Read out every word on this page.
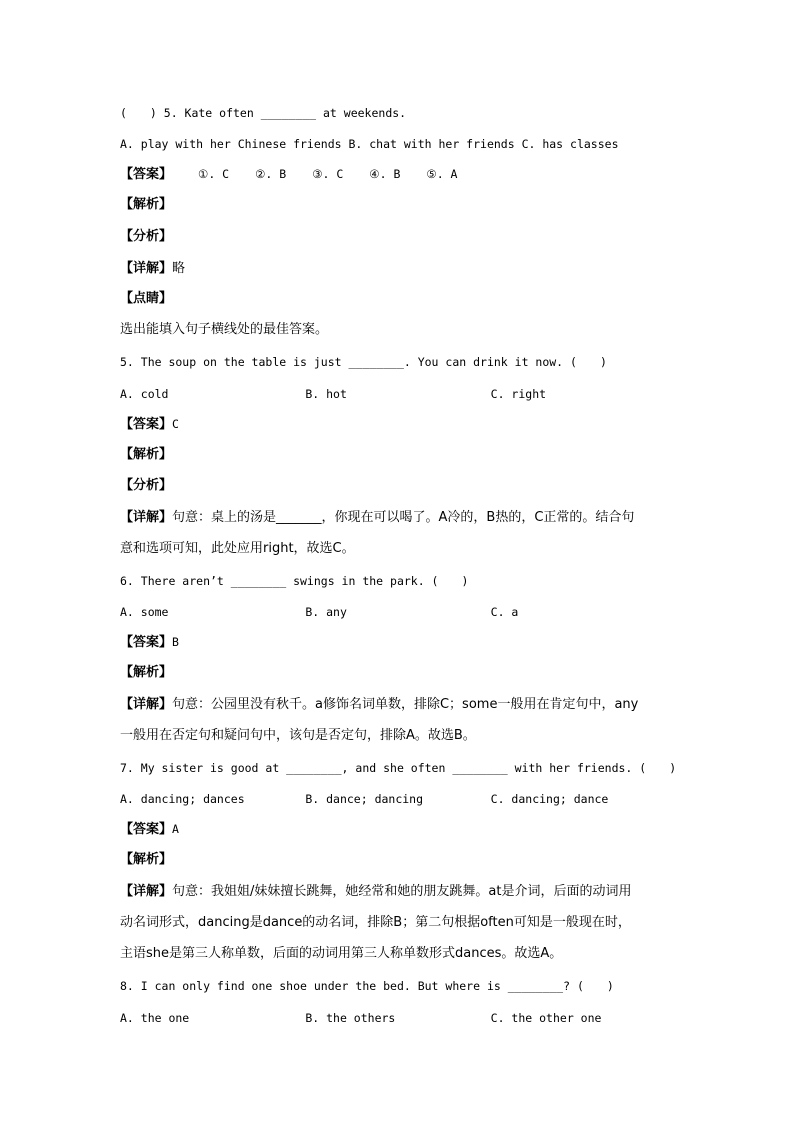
(　　) 5. Kate often ________ at weekends.
A. play with her Chinese friends B. chat with her friends C. has classes
【答案】 ①. C ②. B ③. C ④. B ⑤. A
【解析】
【分析】
【详解】略
【点睛】
选出能填入句子横线处的最佳答案。
5. The soup on the table is just ________. You can drink it now. (　　)
A. cold	B. hot	C. right
【答案】C
【解析】
【分析】
【详解】句意：桌上的汤是_______，你现在可以喝了。A冷的，B热的，C正常的。结合句
意和选项可知，此处应用right，故选C。
6. There aren’t ________ swings in the park. (　　)
A. some	B. any	C. a
【答案】B
【解析】
【详解】句意：公园里没有秋千。a修饰名词单数，排除C；some一般用在肯定句中，any
一般用在否定句和疑问句中，该句是否定句，排除A。故选B。
7. My sister is good at ________, and she often ________ with her friends. (　　)
A. dancing; dances	B. dance; dancing	C. dancing; dance
【答案】A
【解析】
【详解】句意：我姐姐/妹妹擅长跳舞，她经常和她的朋友跳舞。at是介词，后面的动词用
动名词形式，dancing是dance的动名词，排除B；第二句根据often可知是一般现在时，
主语she是第三人称单数，后面的动词用第三人称单数形式dances。故选A。
8. I can only find one shoe under the bed. But where is ________? (　　)
A. the one	B. the others	C. the other one
